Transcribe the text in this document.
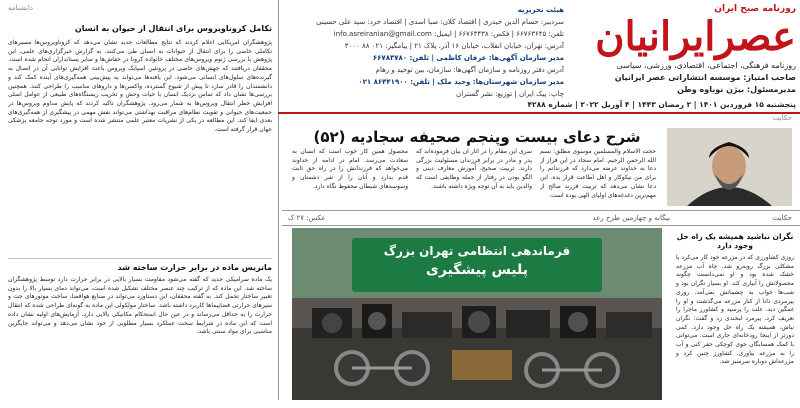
دانشنامه
تکامل کروناویروس برای انتقال از حیوان به انسان
پژوهشگران آمریکایی اعلام کردند که نتایج مطالعات جدید نشان می‌دهد که کروناویروس‌ها مسیرهای تکاملی خاصی را برای انتقال از حیوانات به انسان طی می‌کنند. به گزارش خبرگزاری‌های علمی، این پژوهش با بررسی ژنوم ویروس‌های مختلف خانواده کرونا در خفاش‌ها و سایر پستانداران انجام شده است. محققان دریافتند که جهش‌های خاصی در پروتئین اسپایک ویروس باعث افزایش توانایی آن در اتصال به گیرنده‌های سلول‌های انسانی می‌شود. این یافته‌ها می‌تواند به پیش‌بینی همه‌گیری‌های آینده کمک کند و دانشمندان را قادر سازد تا پیش از شیوع گسترده، واکسن‌ها و داروهای مناسب را طراحی کنند. همچنین بررسی‌ها نشان داد که تماس نزدیک انسان با حیات وحش و تخریب زیستگاه‌های طبیعی از عوامل اصلی افزایش خطر انتقال ویروس‌ها به شمار می‌رود. پژوهشگران تاکید کردند که پایش مداوم ویروس‌ها در جمعیت‌های حیوانی و تقویت نظام‌های مراقبت بهداشتی می‌تواند نقش مهمی در پیشگیری از همه‌گیری‌های بعدی ایفا کند. این مطالعه در یکی از نشریات معتبر علمی منتشر شده است و مورد توجه جامعه پزشکی جهان قرار گرفته است.
ماتریس ماده در برابر حرارت ساخته شد
یک ماده سرامیکی جدید که گفته می‌شود مقاومت بسیار بالایی در برابر حرارت دارد توسط پژوهشگران ساخته شد. این ماده که از ترکیب چند عنصر مختلف تشکیل شده است، می‌تواند دمای بسیار بالا را بدون تغییر ساختار تحمل کند. به گفته محققان، این دستاورد می‌تواند در صنایع هوافضا، ساخت موتورهای جت و سپرهای حرارتی فضاپیماها کاربرد داشته باشد. ساختار مولکولی این ماده به گونه‌ای طراحی شده که انتقال حرارت را به حداقل می‌رساند و در عین حال استحکام مکانیکی بالایی دارد. آزمایش‌های اولیه نشان داده است که این ماده در شرایط سخت عملکرد بسیار مطلوبی از خود نشان می‌دهد و می‌تواند جایگزین مناسبی برای مواد سنتی باشد.
روزنامه صبح ایران
عصرایرانیان
روزنامه فرهنگی، اجتماعی، اقتصادی، ورزشی، سیاسی
صاحب امتیاز: موسسه انتشاراتی عصر ایرانیان
مدیرمسئول: بیژن نوباوه وطن
هیئت تحریریه
سردبیر: حسام الدین حیدری | اقتصاد کلان: صبا اسدی | اقتصاد خرد: سید علی حسینی
تلفن: ۶۶۷۶۳۶۴۵ | فکس: ۶۶۷۶۳۴۳۸ | ایمیل: info.asreiranian@gmail.com
آدرس: تهران، خیابان انقلاب، خیابان ۱۶ آذر، پلاک ۲۱ | پیامگیر: ۰۲۱ ۸۸ ۳۰۰۰
مدیر سازمان آگهی‌ها: عرفان کاظمی | تلفن: ۶۶۷۸۳۷۸۰
آدرس دفتر روزنامه و سازمان آگهی‌ها: سازمان، بین توحید و رهام
مدیر سازمان شهرستان‌ها: وحید ملک | تلفن: ۸۶۴۴۱۹۰۰ ۰۲۱
چاپ: پیک ایران | توزیع: نشر گستران
پنجشنبه ۱۵ فروردین ۱۴۰۱ | ۲ رمضان ۱۴۴۳ | ۴ آوریل ۲۰۲۲ | شماره ۴۲۸۸
حکایت
شرح دعای بیست وپنجم صحیفه سجادیه (۵۲)
حجت الاسلام والمسلمین موسوی مطلق: بسم الله الرحمن الرحیم. امام سجاد در این فراز از دعا به خداوند عرضه می‌دارد که فرزندانم را برای من نیکوکار و اهل اطاعت قرار بده. این دعا نشان می‌دهد که تربیت فرزند صالح از مهم‌ترین دغدغه‌های اولیای الهی بوده است.
سری این مقام را در آثار آن بیان فرموده‌اند که پدر و مادر در برابر فرزندان مسئولیت بزرگی دارند. تربیت صحیح، آموزش معارف دینی و الگو بودن در رفتار از جمله وظایفی است که والدین باید به آن توجه ویژه داشته باشند.
محصول همین کار خوب است که انسان به سعادت می‌رسد. امام در ادامه از خداوند می‌خواهد که فرزندانش را در راه حق ثابت قدم بدارد و آنان را از شر دشمنان و وسوسه‌های شیطان محفوظ نگاه دارد.
حکایت
بیگانه و چهارمین طرح رعد
عکس: ۲۷ ک
فرماندهی انتظامی تهران بزرگ
پلیس پیشگیری
نگران نباشید همیشه یک راه حل وجود دارد
روزی کشاورزی که در مزرعه خود کار می‌کرد با مشکلی بزرگ روبه‌رو شد. چاه آب مزرعه خشک شده بود و او نمی‌دانست چگونه محصولاتش را آبیاری کند. او بسیار نگران بود و شب‌ها خواب به چشمانش نمی‌آمد. روزی پیرمردی دانا از کنار مزرعه می‌گذشت و او را غمگین دید. علت را پرسید و کشاورز ماجرا را تعریف کرد. پیرمرد لبخندی زد و گفت: نگران نباش، همیشه یک راه حل وجود دارد. کمی دورتر از اینجا رودخانه‌ای جاری است. می‌توانی با کمک همسایگان جوی کوچکی حفر کنی و آب را به مزرعه بیاوری. کشاورز چنین کرد و مزرعه‌اش دوباره سرسبز شد.
